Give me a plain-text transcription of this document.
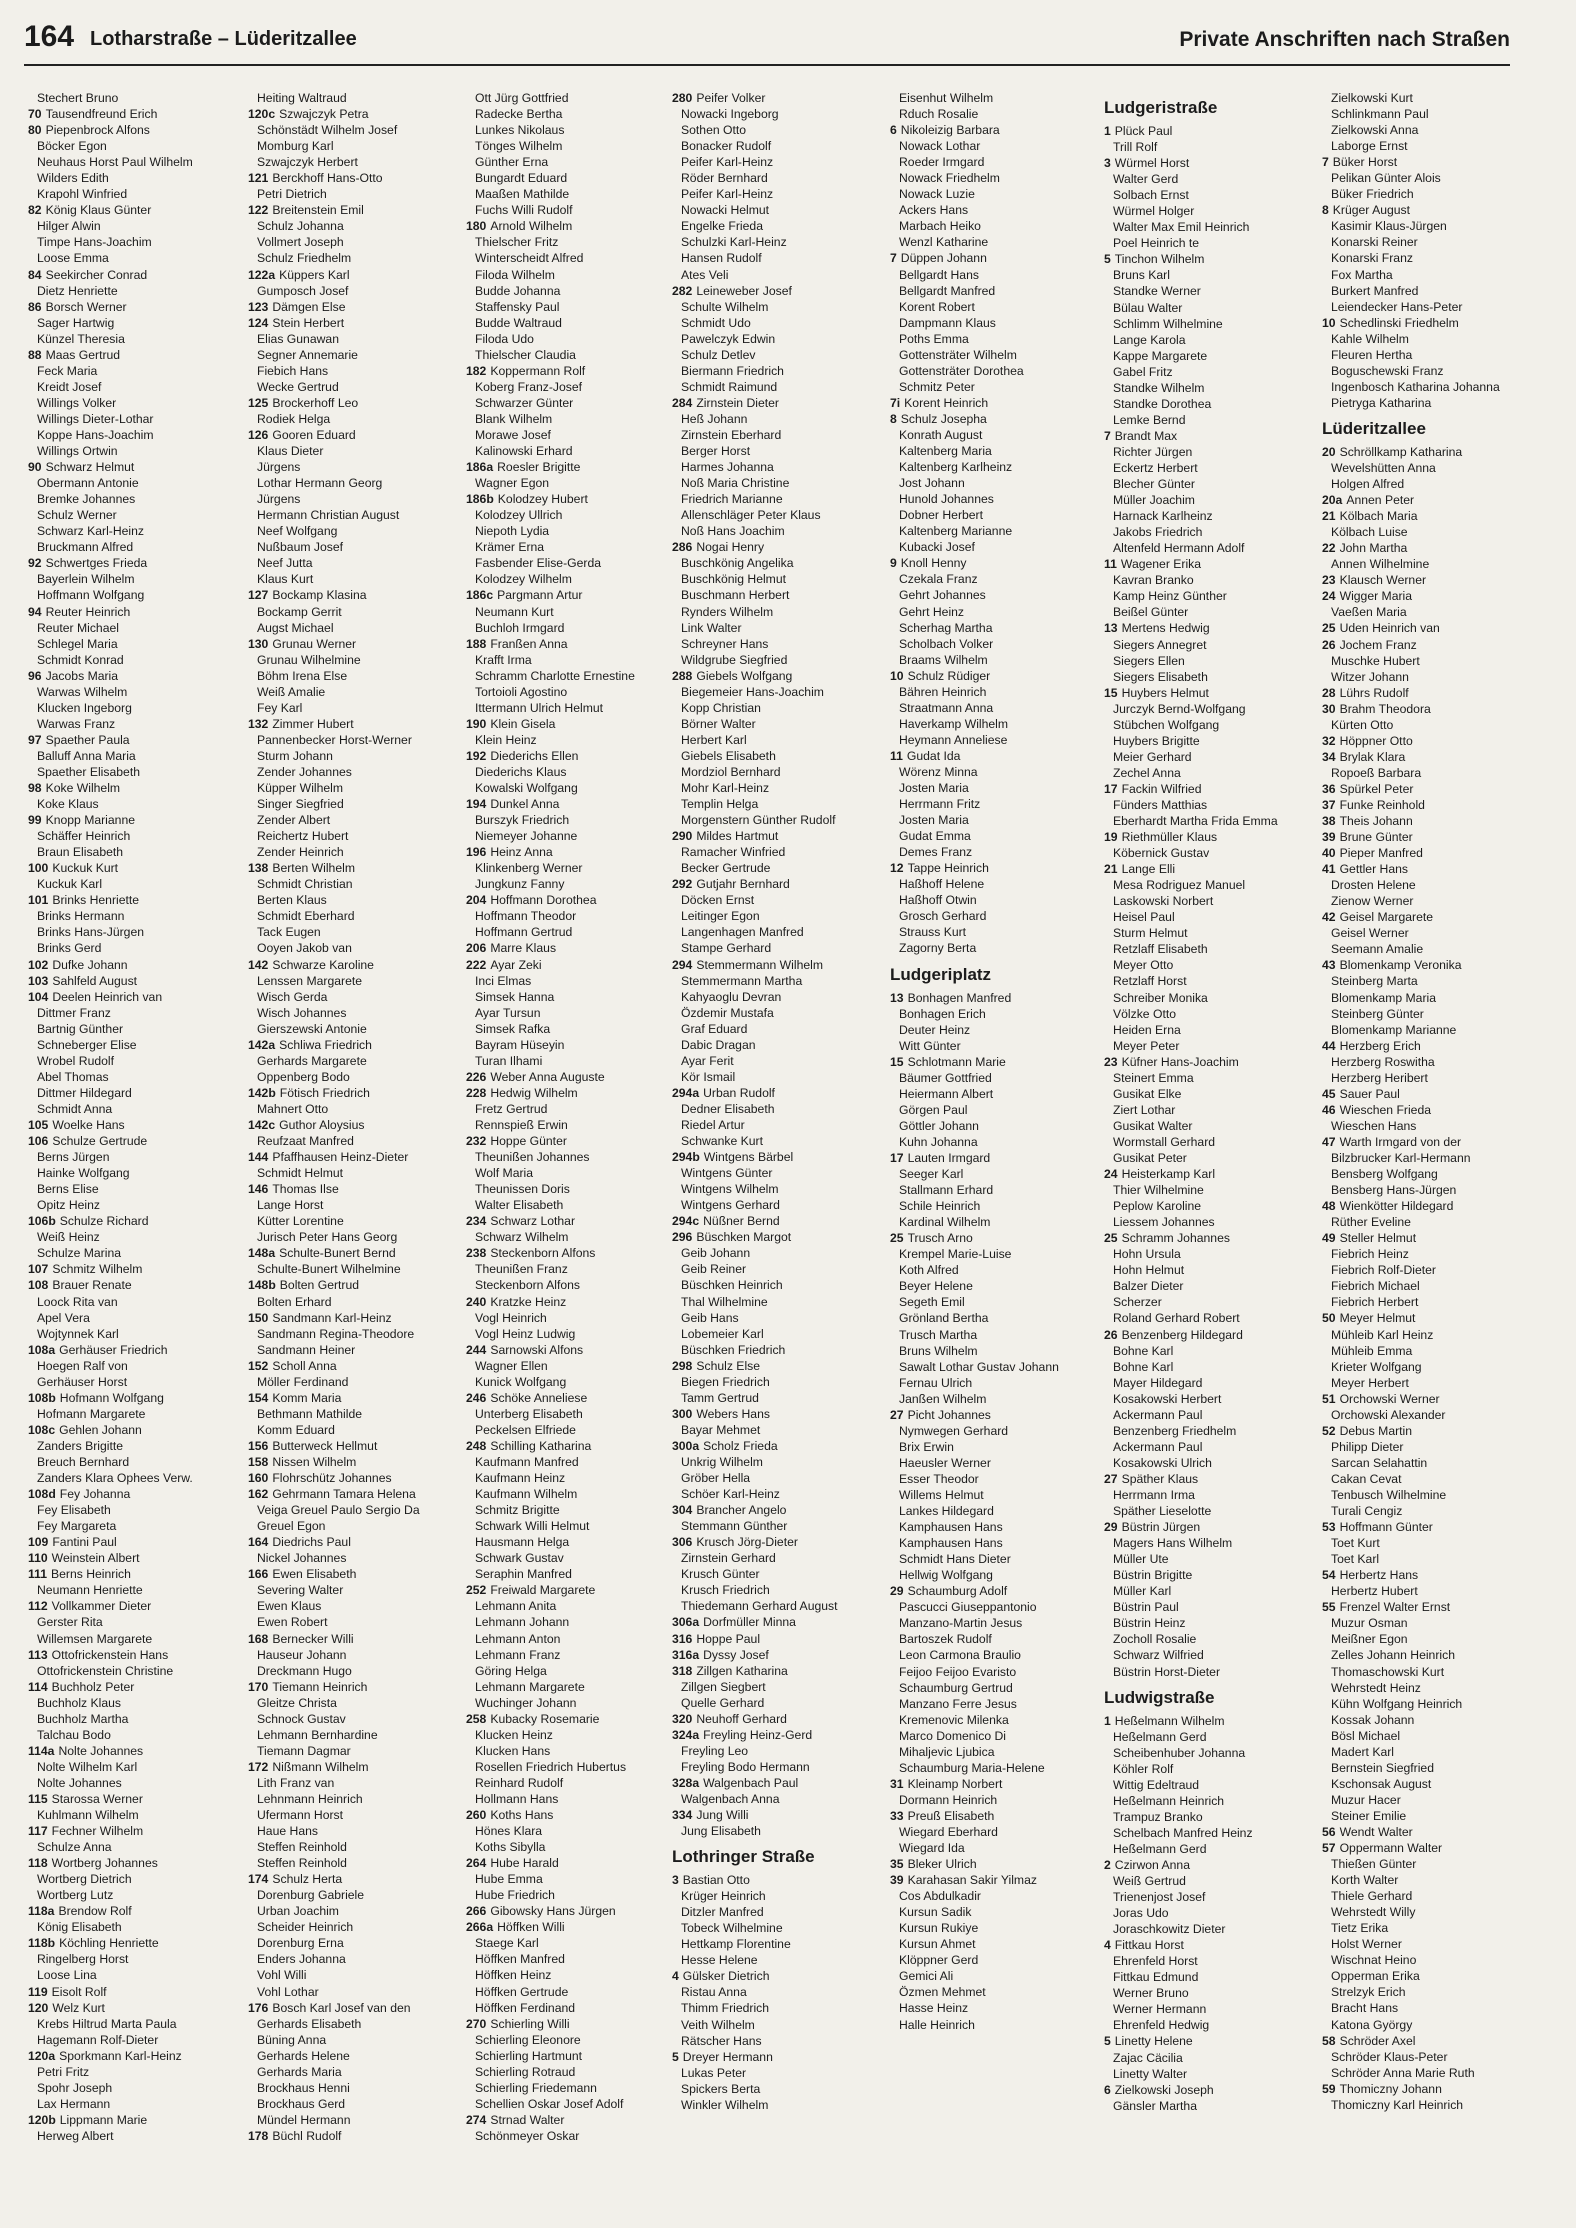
164 Lotharstraße – Lüderitzallee	Private Anschriften nach Straßen
Stechert Bruno
70 Tausendfreund Erich
80 Piepenbrock Alfons
Böcker Egon
Neuhaus Horst Paul Wilhelm
Wilders Edith
Krapohl Winfried
82 König Klaus Günter
Hilger Alwin
Timpe Hans-Joachim
Loose Emma
84 Seekircher Conrad
Dietz Henriette
86 Borsch Werner
Sager Hartwig
Künzel Theresia
88 Maas Gertrud
Feck Maria
Kreidt Josef
Willings Volker
Willings Dieter-Lothar
Koppe Hans-Joachim
Willings Ortwin
90 Schwarz Helmut
Obermann Antonie
Bremke Johannes
Schulz Werner
Schwarz Karl-Heinz
Bruckmann Alfred
92 Schwertges Frieda
Bayerlein Wilhelm
Hoffmann Wolfgang
94 Reuter Heinrich
Reuter Michael
Schlegel Maria
Schmidt Konrad
96 Jacobs Maria
Warwas Wilhelm
Klucken Ingeborg
Warwas Franz
97 Spaether Paula
Balluff Anna Maria
Spaether Elisabeth
98 Koke Wilhelm
Koke Klaus
99 Knopp Marianne
Schäffer Heinrich
Braun Elisabeth
100 Kuckuk Kurt
Kuckuk Karl
101 Brinks Henriette
Brinks Hermann
Brinks Hans-Jürgen
Brinks Gerd
102 Dufke Johann
103 Sahlfeld August
104 Deelen Heinrich van
Dittmer Franz
Bartnig Günther
Schneberger Elise
Wrobel Rudolf
Abel Thomas
Dittmer Hildegard
Schmidt Anna
105 Woelke Hans
106 Schulze Gertrude
Berns Jürgen
Hainke Wolfgang
Berns Elise
Opitz Heinz
106b Schulze Richard
Weiß Heinz
Schulze Marina
107 Schmitz Wilhelm
108 Brauer Renate
Loock Rita van
Apel Vera
Wojtynnek Karl
108a Gerhäuser Friedrich
Hoegen Ralf von
Gerhäuser Horst
108b Hofmann Wolfgang
Hofmann Margarete
108c Gehlen Johann
Zanders Brigitte
Breuch Bernhard
Zanders Klara Ophees Verw.
108d Fey Johanna
Fey Elisabeth
Fey Margareta
109 Fantini Paul
110 Weinstein Albert
111 Berns Heinrich
Neumann Henriette
112 Vollkammer Dieter
Gerster Rita
Willemsen Margarete
113 Ottofrickenstein Hans
Ottofrickenstein Christine
114 Buchholz Peter
Buchholz Klaus
Buchholz Martha
Talchau Bodo
114a Nolte Johannes
Nolte Wilhelm Karl
Nolte Johannes
115 Starossa Werner
Kuhlmann Wilhelm
117 Fechner Wilhelm
Schulze Anna
118 Wortberg Johannes
Wortberg Dietrich
Wortberg Lutz
118a Brendow Rolf
König Elisabeth
118b Köchling Henriette
Ringelberg Horst
Loose Lina
119 Eisolt Rolf
120 Welz Kurt
Krebs Hiltrud Marta Paula
Hagemann Rolf-Dieter
120a Sporkmann Karl-Heinz
Petri Fritz
Spohr Joseph
Lax Hermann
120b Lippmann Marie
Herweg Albert
Heiting Waltraud
120c Szwajczyk Petra
Schönstädt Wilhelm Josef
Momburg Karl
Szwajczyk Herbert
121 Berckhoff Hans-Otto
Petri Dietrich
122 Breitenstein Emil
Schulz Johanna
Vollmert Joseph
Schulz Friedhelm
122a Küppers Karl
Gumposch Josef
123 Dämgen Else
124 Stein Herbert
Elias Gunawan
Segner Annemarie
Fiebich Hans
Wecke Gertrud
125 Brockerhoff Leo
Rodiek Helga
126 Gooren Eduard
Klaus Dieter
Jürgens
Lothar Hermann Georg
Jürgens
Hermann Christian August
Neef Wolfgang
Nußbaum Josef
Neef Jutta
Klaus Kurt
127 Bockamp Klasina
Bockamp Gerrit
Augst Michael
130 Grunau Werner
Grunau Wilhelmine
Böhm Irena Else
Weiß Amalie
Fey Karl
132 Zimmer Hubert
Pannenbecker Horst-Werner
Sturm Johann
Zender Johannes
Küpper Wilhelm
Singer Siegfried
Zender Albert
Reichertz Hubert
Zender Heinrich
138 Berten Wilhelm
Schmidt Christian
Berten Klaus
Schmidt Eberhard
Tack Eugen
Ooyen Jakob van
142 Schwarze Karoline
Lenssen Margarete
Wisch Gerda
Wisch Johannes
Gierszewski Antonie
142a Schliwa Friedrich
Gerhards Margarete
Oppenberg Bodo
142b Fötisch Friedrich
Mahnert Otto
142c Guthor Aloysius
Reufzaat Manfred
144 Pfaffhausen Heinz-Dieter
Schmidt Helmut
146 Thomas Ilse
Lange Horst
Kütter Lorentine
Jurisch Peter Hans Georg
148a Schulte-Bunert Bernd
Schulte-Bunert Wilhelmine
148b Bolten Gertrud
Bolten Erhard
150 Sandmann Karl-Heinz
Sandmann Regina-Theodore
Sandmann Heiner
152 Scholl Anna
Möller Ferdinand
154 Komm Maria
Bethmann Mathilde
Komm Eduard
156 Butterweck Hellmut
158 Nissen Wilhelm
160 Flohrschütz Johannes
162 Gehrmann Tamara Helena
Veiga Greuel Paulo Sergio Da
Greuel Egon
164 Diedrichs Paul
Nickel Johannes
166 Ewen Elisabeth
Severing Walter
Ewen Klaus
Ewen Robert
168 Bernecker Willi
Hauseur Johann
Dreckmann Hugo
170 Tiemann Heinrich
Gleitze Christa
Schnock Gustav
Lehmann Bernhardine
Tiemann Dagmar
172 Nißmann Wilhelm
Lith Franz van
Lehnmann Heinrich
Ufermann Horst
Haue Hans
Steffen Reinhold
Steffen Reinhold
174 Schulz Herta
Dorenburg Gabriele
Urban Joachim
Scheider Heinrich
Dorenburg Erna
Enders Johanna
Vohl Willi
Vohl Lothar
176 Bosch Karl Josef van den
Gerhards Elisabeth
Büning Anna
Gerhards Helene
Gerhards Maria
Brockhaus Henni
Brockhaus Gerd
Mündel Hermann
178 Büchl Rudolf
Ott Jürg Gottfried
Radecke Bertha
Lunkes Nikolaus
Tönges Wilhelm
Günther Erna
Bungardt Eduard
Maaßen Mathilde
Fuchs Willi Rudolf
180 Arnold Wilhelm
Thielscher Fritz
Winterscheidt Alfred
Filoda Wilhelm
Budde Johanna
Staffensky Paul
Budde Waltraud
Filoda Udo
Thielscher Claudia
182 Koppermann Rolf
Koberg Franz-Josef
Schwarzer Günter
Blank Wilhelm
Morawe Josef
Kalinowski Erhard
186a Roesler Brigitte
Wagner Egon
186b Kolodzey Hubert
Kolodzey Ullrich
Niepoth Lydia
Krämer Erna
Fasbender Elise-Gerda
Kolodzey Wilhelm
186c Pargmann Artur
Neumann Kurt
Buchloh Irmgard
188 Franßen Anna
Krafft Irma
Schramm Charlotte Ernestine
Tortoioli Agostino
Ittermann Ulrich Helmut
190 Klein Gisela
Klein Heinz
192 Diederichs Ellen
Diederichs Klaus
Kowalski Wolfgang
194 Dunkel Anna
Burszyk Friedrich
Niemeyer Johanne
196 Heinz Anna
Klinkenberg Werner
Jungkunz Fanny
204 Hoffmann Dorothea
Hoffmann Theodor
Hoffmann Gertrud
206 Marre Klaus
222 Ayar Zeki
Inci Elmas
Simsek Hanna
Ayar Tursun
Simsek Rafka
Bayram Hüseyin
Turan Ilhami
226 Weber Anna Auguste
228 Hedwig Wilhelm
Fretz Gertrud
Rennspieß Erwin
232 Hoppe Günter
Theunißen Johannes
Wolf Maria
Theunissen Doris
Walter Elisabeth
234 Schwarz Lothar
Schwarz Wilhelm
238 Steckenborn Alfons
Theunißen Franz
Steckenborn Alfons
240 Kratzke Heinz
Vogl Heinrich
Vogl Heinz Ludwig
244 Sarnowski Alfons
Wagner Ellen
Kunick Wolfgang
246 Schöke Anneliese
Unterberg Elisabeth
Peckelsen Elfriede
248 Schilling Katharina
Kaufmann Manfred
Kaufmann Heinz
Kaufmann Wilhelm
Schmitz Brigitte
Schwark Willi Helmut
Hausmann Helga
Schwark Gustav
Seraphin Manfred
252 Freiwald Margarete
Lehmann Anita
Lehmann Johann
Lehmann Anton
Lehmann Franz
Göring Helga
Lehmann Margarete
Wuchinger Johann
258 Kubacky Rosemarie
Klucken Heinz
Klucken Hans
Rosellen Friedrich Hubertus
Reinhard Rudolf
Hollmann Hans
260 Koths Hans
Hönes Klara
Koths Sibylla
264 Hube Harald
Hube Emma
Hube Friedrich
266 Gibowsky Hans Jürgen
266a Höffken Willi
Staege Karl
Höffken Manfred
Höffken Heinz
Höffken Gertrude
Höffken Ferdinand
270 Schierling Willi
Schierling Eleonore
Schierling Hartmunt
Schierling Rotraud
Schierling Friedemann
Schellien Oskar Josef Adolf
274 Strnad Walter
Schönmeyer Oskar
280 Peifer Volker
Nowacki Ingeborg
Sothen Otto
Bonacker Rudolf
Peifer Karl-Heinz
Röder Bernhard
Peifer Karl-Heinz
Nowacki Helmut
Engelke Frieda
Schulzki Karl-Heinz
Hansen Rudolf
Ates Veli
282 Leineweber Josef
Schulte Wilhelm
Schmidt Udo
Pawelczyk Edwin
Schulz Detlev
Biermann Friedrich
Schmidt Raimund
284 Zirnstein Dieter
Heß Johann
Zirnstein Eberhard
Berger Horst
Harmes Johanna
Noß Maria Christine
Friedrich Marianne
Allenschläger Peter Klaus
Noß Hans Joachim
286 Nogai Henry
Buschkönig Angelika
Buschkönig Helmut
Buschmann Herbert
Rynders Wilhelm
Link Walter
Schreyner Hans
Wildgrube Siegfried
288 Giebels Wolfgang
Biegemeier Hans-Joachim
Kopp Christian
Börner Walter
Herbert Karl
Giebels Elisabeth
Mordziol Bernhard
Mohr Karl-Heinz
Templin Helga
Morgenstern Günther Rudolf
290 Mildes Hartmut
Ramacher Winfried
Becker Gertrude
292 Gutjahr Bernhard
Döcken Ernst
Leitinger Egon
Langenhagen Manfred
Stampe Gerhard
294 Stemmermann Wilhelm
Stemmermann Martha
Kahyaoglu Devran
Özdemir Mustafa
Graf Eduard
Dabic Dragan
Ayar Ferit
Kör Ismail
294a Urban Rudolf
Dedner Elisabeth
Riedel Artur
Schwanke Kurt
294b Wintgens Bärbel
Wintgens Günter
Wintgens Wilhelm
Wintgens Gerhard
294c Nüßner Bernd
296 Büschken Margot
Geib Johann
Geib Reiner
Büschken Heinrich
Thal Wilhelmine
Geib Hans
Lobemeier Karl
Büschken Friedrich
298 Schulz Else
Biegen Friedrich
Tamm Gertrud
300 Webers Hans
Bayar Mehmet
300a Scholz Frieda
Unkrig Wilhelm
Gröber Hella
Schöer Karl-Heinz
304 Brancher Angelo
Stemmann Günther
306 Krusch Jörg-Dieter
Zirnstein Gerhard
Krusch Günter
Krusch Friedrich
Thiedemann Gerhard August
306a Dorfmüller Minna
316 Hoppe Paul
316a Dyssy Josef
318 Zillgen Katharina
Zillgen Siegbert
Quelle Gerhard
320 Neuhoff Gerhard
324a Freyling Heinz-Gerd
Freyling Leo
Freyling Bodo Hermann
328a Walgenbach Paul
Walgenbach Anna
334 Jung Willi
Jung Elisabeth
Lothringer Straße
3 Bastian Otto
Krüger Heinrich
Ditzler Manfred
Tobeck Wilhelmine
Hettkamp Florentine
Hesse Helene
4 Gülsker Dietrich
Ristau Anna
Thimm Friedrich
Veith Wilhelm
Rätscher Hans
5 Dreyer Hermann
Lukas Peter
Spickers Berta
Winkler Wilhelm
Eisenhut Wilhelm
Rduch Rosalie
6 Nikoleizig Barbara
Nowack Lothar
Roeder Irmgard
Nowack Friedhelm
Nowack Luzie
Ackers Hans
Marbach Heiko
Wenzl Katharine
7 Düppen Johann
Bellgardt Hans
Bellgardt Manfred
Korent Robert
Dampmann Klaus
Poths Emma
Gottensträter Wilhelm
Gottensträter Dorothea
Schmitz Peter
7i Korent Heinrich
8 Schulz Josepha
Konrath August
Kaltenberg Maria
Kaltenberg Karlheinz
Jost Johann
Hunold Johannes
Dobner Herbert
Kaltenberg Marianne
Kubacki Josef
9 Knoll Henny
Czekala Franz
Gehrt Johannes
Gehrt Heinz
Scherhag Martha
Scholbach Volker
Braams Wilhelm
10 Schulz Rüdiger
Bähren Heinrich
Straatmann Anna
Haverkamp Wilhelm
Heymann Anneliese
11 Gudat Ida
Wörenz Minna
Josten Maria
Herrmann Fritz
Josten Maria
Gudat Emma
Demes Franz
12 Tappe Heinrich
Haßhoff Helene
Haßhoff Otwin
Grosch Gerhard
Strauss Kurt
Zagorny Berta
Ludgeriplatz
13 Bonhagen Manfred
Bonhagen Erich
Deuter Heinz
Witt Günter
15 Schlotmann Marie
Bäumer Gottfried
Heiermann Albert
Görgen Paul
Göttler Johann
Kuhn Johanna
17 Lauten Irmgard
Seeger Karl
Stallmann Erhard
Schile Heinrich
Kardinal Wilhelm
25 Trusch Arno
Krempel Marie-Luise
Koth Alfred
Beyer Helene
Segeth Emil
Grönland Bertha
Trusch Martha
Bruns Wilhelm
Sawalt Lothar Gustav Johann
Fernau Ulrich
Janßen Wilhelm
27 Picht Johannes
Nymwegen Gerhard
Brix Erwin
Haeusler Werner
Esser Theodor
Willems Helmut
Lankes Hildegard
Kamphausen Hans
Kamphausen Hans
Schmidt Hans Dieter
Hellwig Wolfgang
29 Schaumburg Adolf
Pascucci Giuseppantonio
Manzano-Martin Jesus
Bartoszek Rudolf
Leon Carmona Braulio
Feijoo Feijoo Evaristo
Schaumburg Gertrud
Manzano Ferre Jesus
Kremenovic Milenka
Marco Domenico Di
Mihaljevic Ljubica
Schaumburg Maria-Helene
31 Kleinamp Norbert
Dormann Heinrich
33 Preuß Elisabeth
Wiegard Eberhard
Wiegard Ida
35 Bleker Ulrich
39 Karahasan Sakir Yilmaz
Cos Abdulkadir
Kursun Sadik
Kursun Rukiye
Kursun Ahmet
Klöppner Gerd
Gemici Ali
Özmen Mehmet
Hasse Heinz
Halle Heinrich
Ludgeristraße
1 Plück Paul
Trill Rolf
3 Würmel Horst
Walter Gerd
Solbach Ernst
Würmel Holger
Walter Max Emil Heinrich
Poel Heinrich te
5 Tinchon Wilhelm
Bruns Karl
Standke Werner
Bülau Walter
Schlimm Wilhelmine
Lange Karola
Kappe Margarete
Gabel Fritz
Standke Wilhelm
Standke Dorothea
Lemke Bernd
7 Brandt Max
Richter Jürgen
Eckertz Herbert
Blecher Günter
Müller Joachim
Harnack Karlheinz
Jakobs Friedrich
Altenfeld Hermann Adolf
11 Wagener Erika
Kavran Branko
Kamp Heinz Günther
Beißel Günter
13 Mertens Hedwig
Siegers Annegret
Siegers Ellen
Siegers Elisabeth
15 Huybers Helmut
Jurczyk Bernd-Wolfgang
Stübchen Wolfgang
Huybers Brigitte
Meier Gerhard
Zechel Anna
17 Fackin Wilfried
Fünders Matthias
Eberhardt Martha Frida Emma
19 Riethmüller Klaus
Köbernick Gustav
21 Lange Elli
Mesa Rodriguez Manuel
Laskowski Norbert
Heisel Paul
Sturm Helmut
Retzlaff Elisabeth
Meyer Otto
Retzlaff Horst
Schreiber Monika
Völzke Otto
Heiden Erna
Meyer Peter
23 Küfner Hans-Joachim
Steinert Emma
Gusikat Elke
Ziert Lothar
Gusikat Walter
Wormstall Gerhard
Gusikat Peter
24 Heisterkamp Karl
Thier Wilhelmine
Peplow Karoline
Liessem Johannes
25 Schramm Johannes
Hohn Ursula
Hohn Helmut
Balzer Dieter
Scherzer
Roland Gerhard Robert
26 Benzenberg Hildegard
Bohne Karl
Bohne Karl
Mayer Hildegard
Kosakowski Herbert
Ackermann Paul
Benzenberg Friedhelm
Ackermann Paul
Kosakowski Ulrich
27 Späther Klaus
Herrmann Irma
Späther Lieselotte
29 Büstrin Jürgen
Magers Hans Wilhelm
Müller Ute
Büstrin Brigitte
Müller Karl
Büstrin Paul
Büstrin Heinz
Zocholl Rosalie
Schwarz Wilfried
Büstrin Horst-Dieter
Ludwigstraße
1 Heßelmann Wilhelm
Heßelmann Gerd
Scheibenhuber Johanna
Köhler Rolf
Wittig Edeltraud
Heßelmann Heinrich
Trampuz Branko
Schelbach Manfred Heinz
Heßelmann Gerd
2 Czirwon Anna
Weiß Gertrud
Trienenjost Josef
Joras Udo
Joraschkowitz Dieter
4 Fittkau Horst
Ehrenfeld Horst
Fittkau Edmund
Werner Bruno
Werner Hermann
Ehrenfeld Hedwig
5 Linetty Helene
Zajac Cäcilia
Linetty Walter
6 Zielkowski Joseph
Gänsler Martha
Zielkowski Kurt
Schlinkmann Paul
Zielkowski Anna
Laborge Ernst
7 Büker Horst
Pelikan Günter Alois
Büker Friedrich
8 Krüger August
Kasimir Klaus-Jürgen
Konarski Reiner
Konarski Franz
Fox Martha
Burkert Manfred
Leiendecker Hans-Peter
10 Schedlinski Friedhelm
Kahle Wilhelm
Fleuren Hertha
Boguschewski Franz
Ingenbosch Katharina Johanna
Pietryga Katharina
Lüderitzallee
20 Schröllkamp Katharina
Wevelshütten Anna
Holgen Alfred
20a Annen Peter
21 Kölbach Maria
Kölbach Luise
22 John Martha
Annen Wilhelmine
23 Klausch Werner
24 Wigger Maria
Vaeßen Maria
25 Uden Heinrich van
26 Jochem Franz
Muschke Hubert
Witzer Johann
28 Lührs Rudolf
30 Brahm Theodora
Kürten Otto
32 Höppner Otto
34 Brylak Klara
Ropoeß Barbara
36 Spürkel Peter
37 Funke Reinhold
38 Theis Johann
39 Brune Günter
40 Pieper Manfred
41 Gettler Hans
Drosten Helene
Zienow Werner
42 Geisel Margarete
Geisel Werner
Seemann Amalie
43 Blomenkamp Veronika
Steinberg Marta
Blomenkamp Maria
Steinberg Günter
Blomenkamp Marianne
44 Herzberg Erich
Herzberg Roswitha
Herzberg Heribert
45 Sauer Paul
46 Wieschen Frieda
Wieschen Hans
47 Warth Irmgard von der
Bilzbrucker Karl-Hermann
Bensberg Wolfgang
Bensberg Hans-Jürgen
48 Wienkötter Hildegard
Rüther Eveline
49 Steller Helmut
Fiebrich Heinz
Fiebrich Rolf-Dieter
Fiebrich Michael
Fiebrich Herbert
50 Meyer Helmut
Mühleib Karl Heinz
Mühleib Emma
Krieter Wolfgang
Meyer Herbert
51 Orchowski Werner
Orchowski Alexander
52 Debus Martin
Philipp Dieter
Sarcan Selahattin
Cakan Cevat
Tenbusch Wilhelmine
Turali Cengiz
53 Hoffmann Günter
Toet Kurt
Toet Karl
54 Herbertz Hans
Herbertz Hubert
55 Frenzel Walter Ernst
Muzur Osman
Meißner Egon
Zelles Johann Heinrich
Thomaschowski Kurt
Wehrstedt Heinz
Kühn Wolfgang Heinrich
Kossak Johann
Bösl Michael
Madert Karl
Bernstein Siegfried
Kschonsak August
Muzur Hacer
Steiner Emilie
56 Wendt Walter
57 Oppermann Walter
Thießen Günter
Korth Walter
Thiele Gerhard
Wehrstedt Willy
Tietz Erika
Holst Werner
Wischnat Heino
Opperman Erika
Strelzyk Erich
Bracht Hans
Katona György
58 Schröder Axel
Schröder Klaus-Peter
Schröder Anna Marie Ruth
59 Thomiczny Johann
Thomiczny Karl Heinrich
